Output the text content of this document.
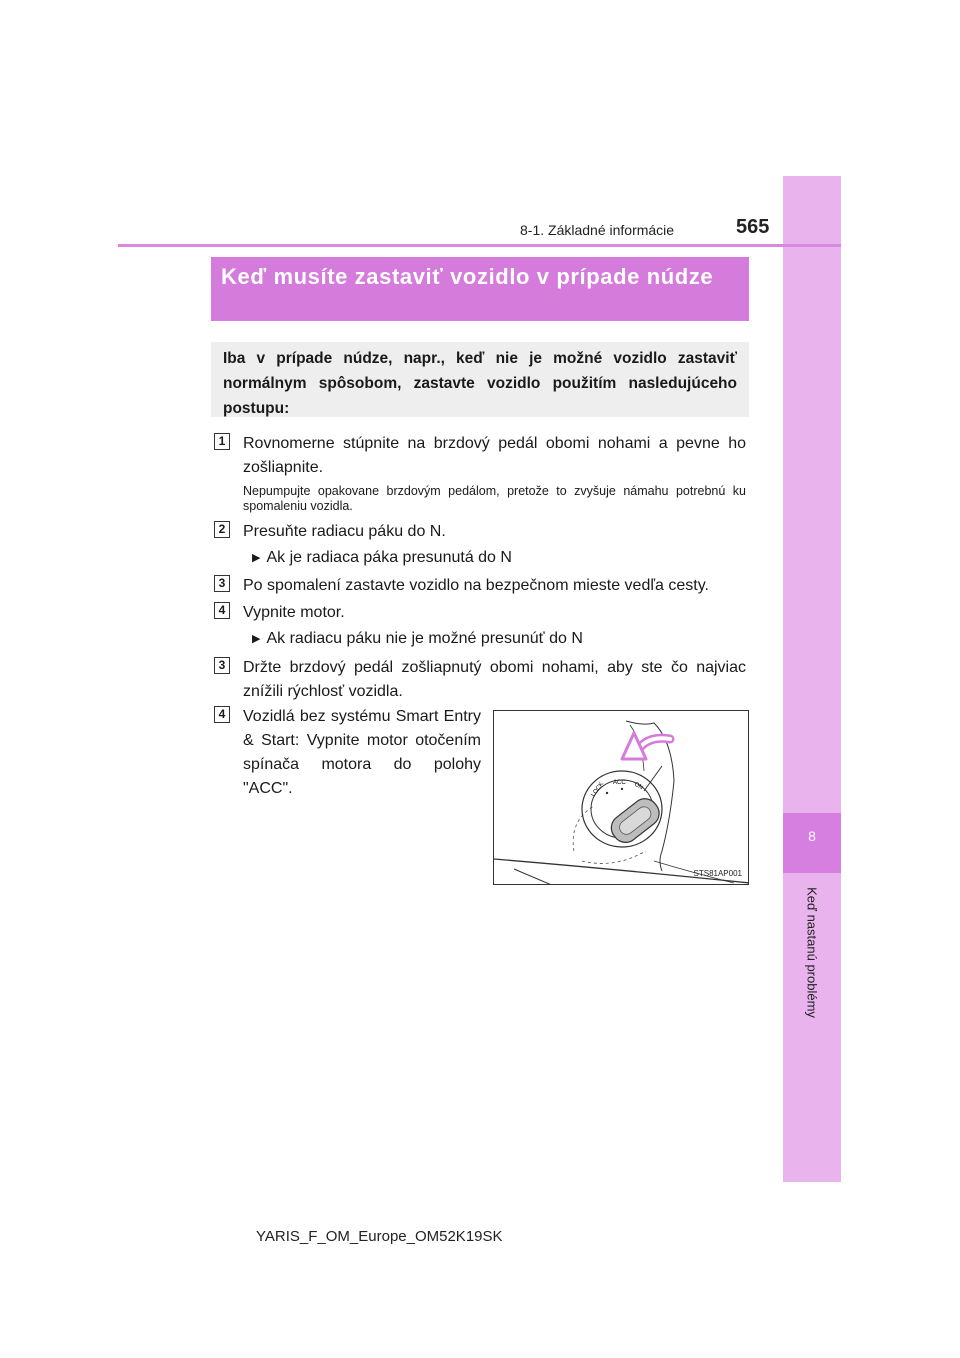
8
Keď nastanú problémy
8-1. Základné informácie	565
Keď musíte zastaviť vozidlo v prípade núdze
Iba v prípade núdze, napr., keď nie je možné vozidlo zastaviť normálnym spôsobom, zastavte vozidlo použitím nasledujúceho postupu:
1 Rovnomerne stúpnite na brzdový pedál obomi nohami a pevne ho zošliapnite.
Nepumpujte opakovane brzdovým pedálom, pretože to zvyšuje námahu potrebnú ku spomaleniu vozidla.
2 Presuňte radiacu páku do N.
▶ Ak je radiaca páka presunutá do N
3 Po spomalení zastavte vozidlo na bezpečnom mieste vedľa cesty.
4 Vypnite motor.
▶ Ak radiacu páku nie je možné presunúť do N
3 Držte brzdový pedál zošliapnutý obomi nohami, aby ste čo najviac znížili rýchlosť vozidla.
4 Vozidlá bez systému Smart Entry & Start: Vypnite motor otočením spínača motora do polohy "ACC".	LOCK ACC ON
STS81AP001
YARIS_F_OM_Europe_OM52K19SK
